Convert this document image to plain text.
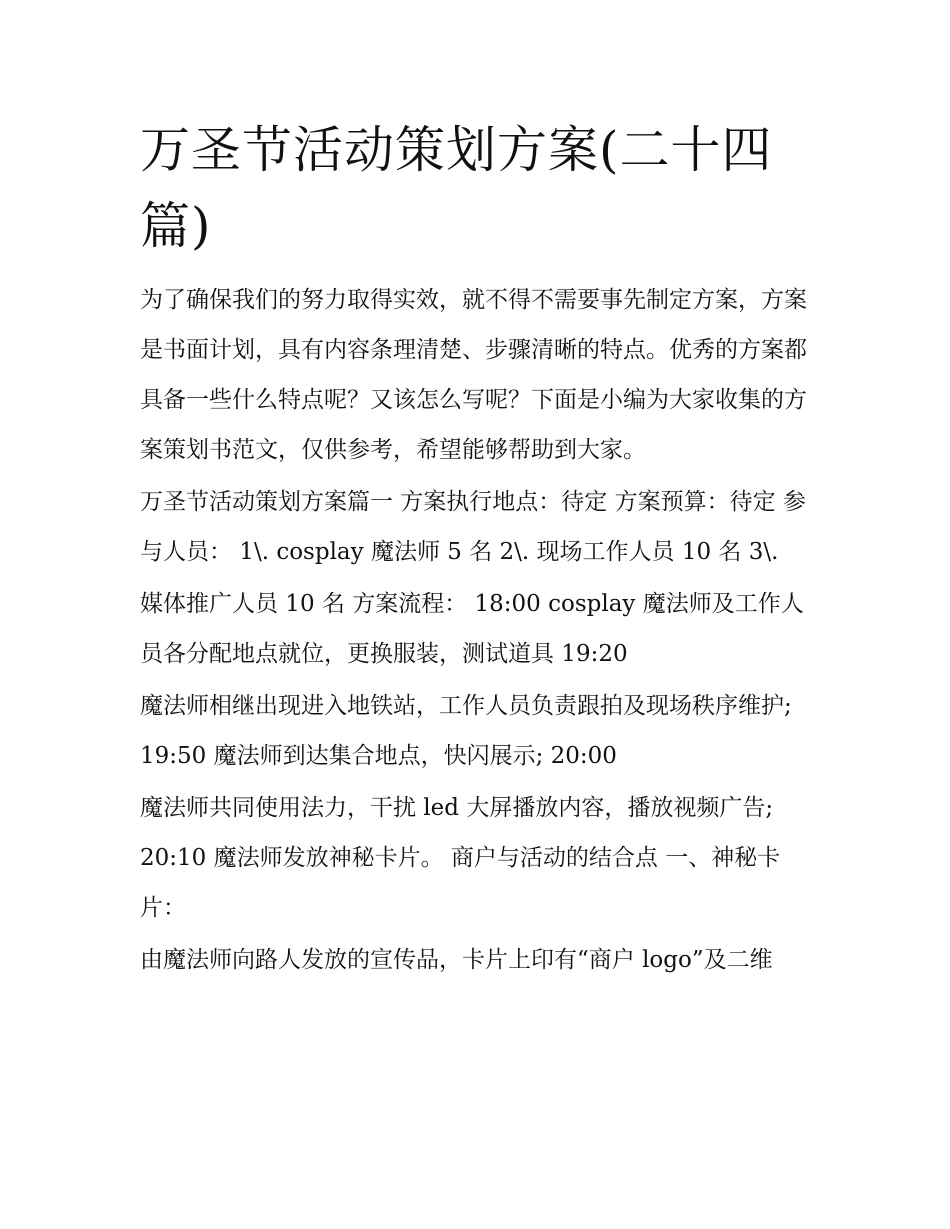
万圣节活动策划方案(二十四篇)

为了确保我们的努力取得实效，就不得不需要事先制定方案，方案是书面计划，具有内容条理清楚、步骤清晰的特点。优秀的方案都具备一些什么特点呢？又该怎么写呢？下面是小编为大家收集的方案策划书范文，仅供参考，希望能够帮助到大家。

万圣节活动策划方案篇一 方案执行地点：待定 方案预算：待定 参与人员： 1\. cosplay 魔法师 5 名 2\. 现场工作人员 10 名 3\.

媒体推广人员 10 名 方案流程： 18:00 cosplay 魔法师及工作人员各分配地点就位，更换服装，测试道具 19:20

魔法师相继出现进入地铁站，工作人员负责跟拍及现场秩序维护; 19:50 魔法师到达集合地点，快闪展示; 20:00

魔法师共同使用法力，干扰 led 大屏播放内容，播放视频广告; 20:10 魔法师发放神秘卡片。 商户与活动的结合点 一、神秘卡片：

由魔法师向路人发放的宣传品，卡片上印有“商户 logo”及二维
